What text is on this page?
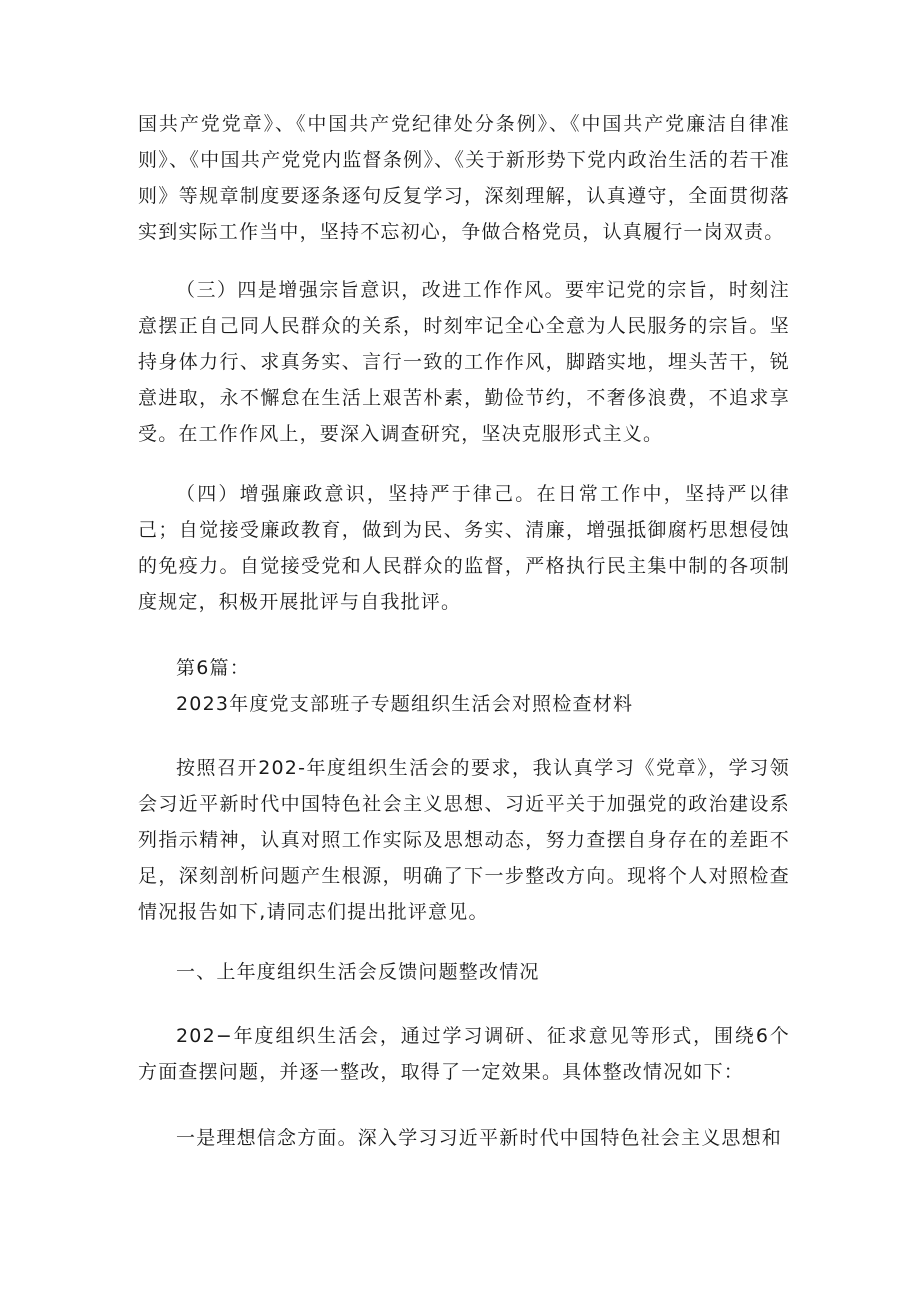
国共产党党章》、《中国共产党纪律处分条例》、《中国共产党廉洁自律准则》、《中国共产党党内监督条例》、《关于新形势下党内政治生活的若干准则》等规章制度要逐条逐句反复学习，深刻理解，认真遵守，全面贯彻落实到实际工作当中，坚持不忘初心，争做合格党员，认真履行一岗双责。

（三）四是增强宗旨意识，改进工作作风。要牢记党的宗旨，时刻注意摆正自己同人民群众的关系，时刻牢记全心全意为人民服务的宗旨。坚持身体力行、求真务实、言行一致的工作作风，脚踏实地，埋头苦干，锐意进取，永不懈怠在生活上艰苦朴素，勤俭节约，不奢侈浪费，不追求享受。在工作作风上，要深入调查研究，坚决克服形式主义。

（四）增强廉政意识，坚持严于律己。在日常工作中，坚持严以律己；自觉接受廉政教育，做到为民、务实、清廉，增强抵御腐朽思想侵蚀的免疫力。自觉接受党和人民群众的监督，严格执行民主集中制的各项制度规定，积极开展批评与自我批评。

第6篇：

2023年度党支部班子专题组织生活会对照检查材料

按照召开202-年度组织生活会的要求，我认真学习《党章》，学习领会习近平新时代中国特色社会主义思想、习近平关于加强党的政治建设系列指示精神，认真对照工作实际及思想动态，努力查摆自身存在的差距不足，深刻剖析问题产生根源，明确了下一步整改方向。现将个人对照检查情况报告如下,请同志们提出批评意见。

一、上年度组织生活会反馈问题整改情况

202−年度组织生活会，通过学习调研、征求意见等形式，围绕6个方面查摆问题，并逐一整改，取得了一定效果。具体整改情况如下：

一是理想信念方面。深入学习习近平新时代中国特色社会主义思想和
